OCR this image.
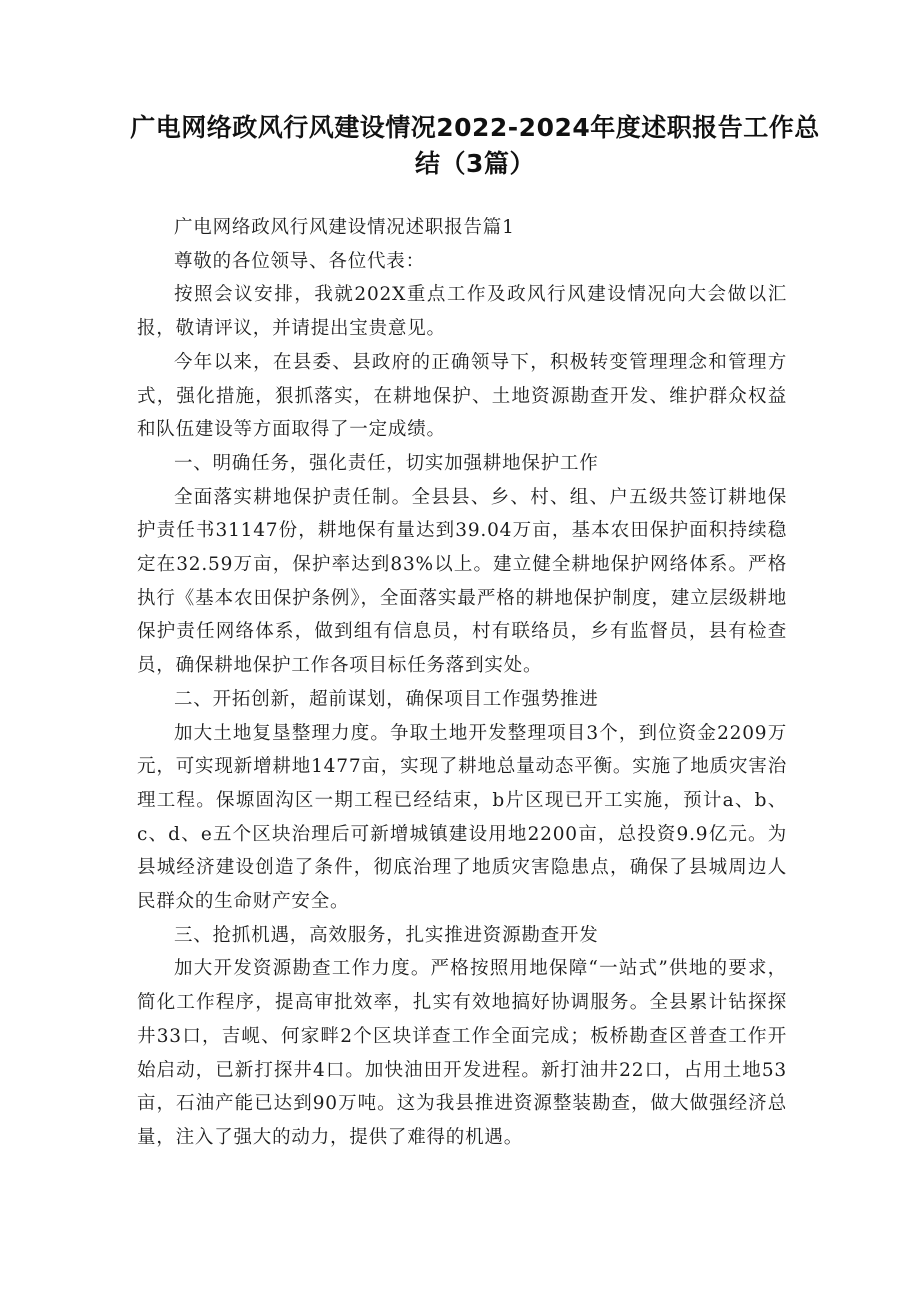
广电网络政风行风建设情况2022-2024年度述职报告工作总结（3篇）

广电网络政风行风建设情况述职报告篇1

尊敬的各位领导、各位代表：

按照会议安排，我就202X重点工作及政风行风建设情况向大会做以汇报，敬请评议，并请提出宝贵意见。

今年以来，在县委、县政府的正确领导下，积极转变管理理念和管理方式，强化措施，狠抓落实，在耕地保护、土地资源勘查开发、维护群众权益和队伍建设等方面取得了一定成绩。

一、明确任务，强化责任，切实加强耕地保护工作

全面落实耕地保护责任制。全县县、乡、村、组、户五级共签订耕地保护责任书31147份，耕地保有量达到39.04万亩，基本农田保护面积持续稳定在32.59万亩，保护率达到83%以上。建立健全耕地保护网络体系。严格执行《基本农田保护条例》，全面落实最严格的耕地保护制度，建立层级耕地保护责任网络体系，做到组有信息员，村有联络员，乡有监督员，县有检查员，确保耕地保护工作各项目标任务落到实处。

二、开拓创新，超前谋划，确保项目工作强势推进

加大土地复垦整理力度。争取土地开发整理项目3个，到位资金2209万元，可实现新增耕地1477亩，实现了耕地总量动态平衡。实施了地质灾害治理工程。保塬固沟区一期工程已经结束，b片区现已开工实施，预计a、b、c、d、e五个区块治理后可新增城镇建设用地2200亩，总投资9.9亿元。为县城经济建设创造了条件，彻底治理了地质灾害隐患点，确保了县城周边人民群众的生命财产安全。

三、抢抓机遇，高效服务，扎实推进资源勘查开发

加大开发资源勘查工作力度。严格按照用地保障“一站式”供地的要求，简化工作程序，提高审批效率，扎实有效地搞好协调服务。全县累计钻探探井33口，吉岘、何家畔2个区块详查工作全面完成；板桥勘查区普查工作开始启动，已新打探井4口。加快油田开发进程。新打油井22口，占用土地53亩，石油产能已达到90万吨。这为我县推进资源整装勘查，做大做强经济总量，注入了强大的动力，提供了难得的机遇。
